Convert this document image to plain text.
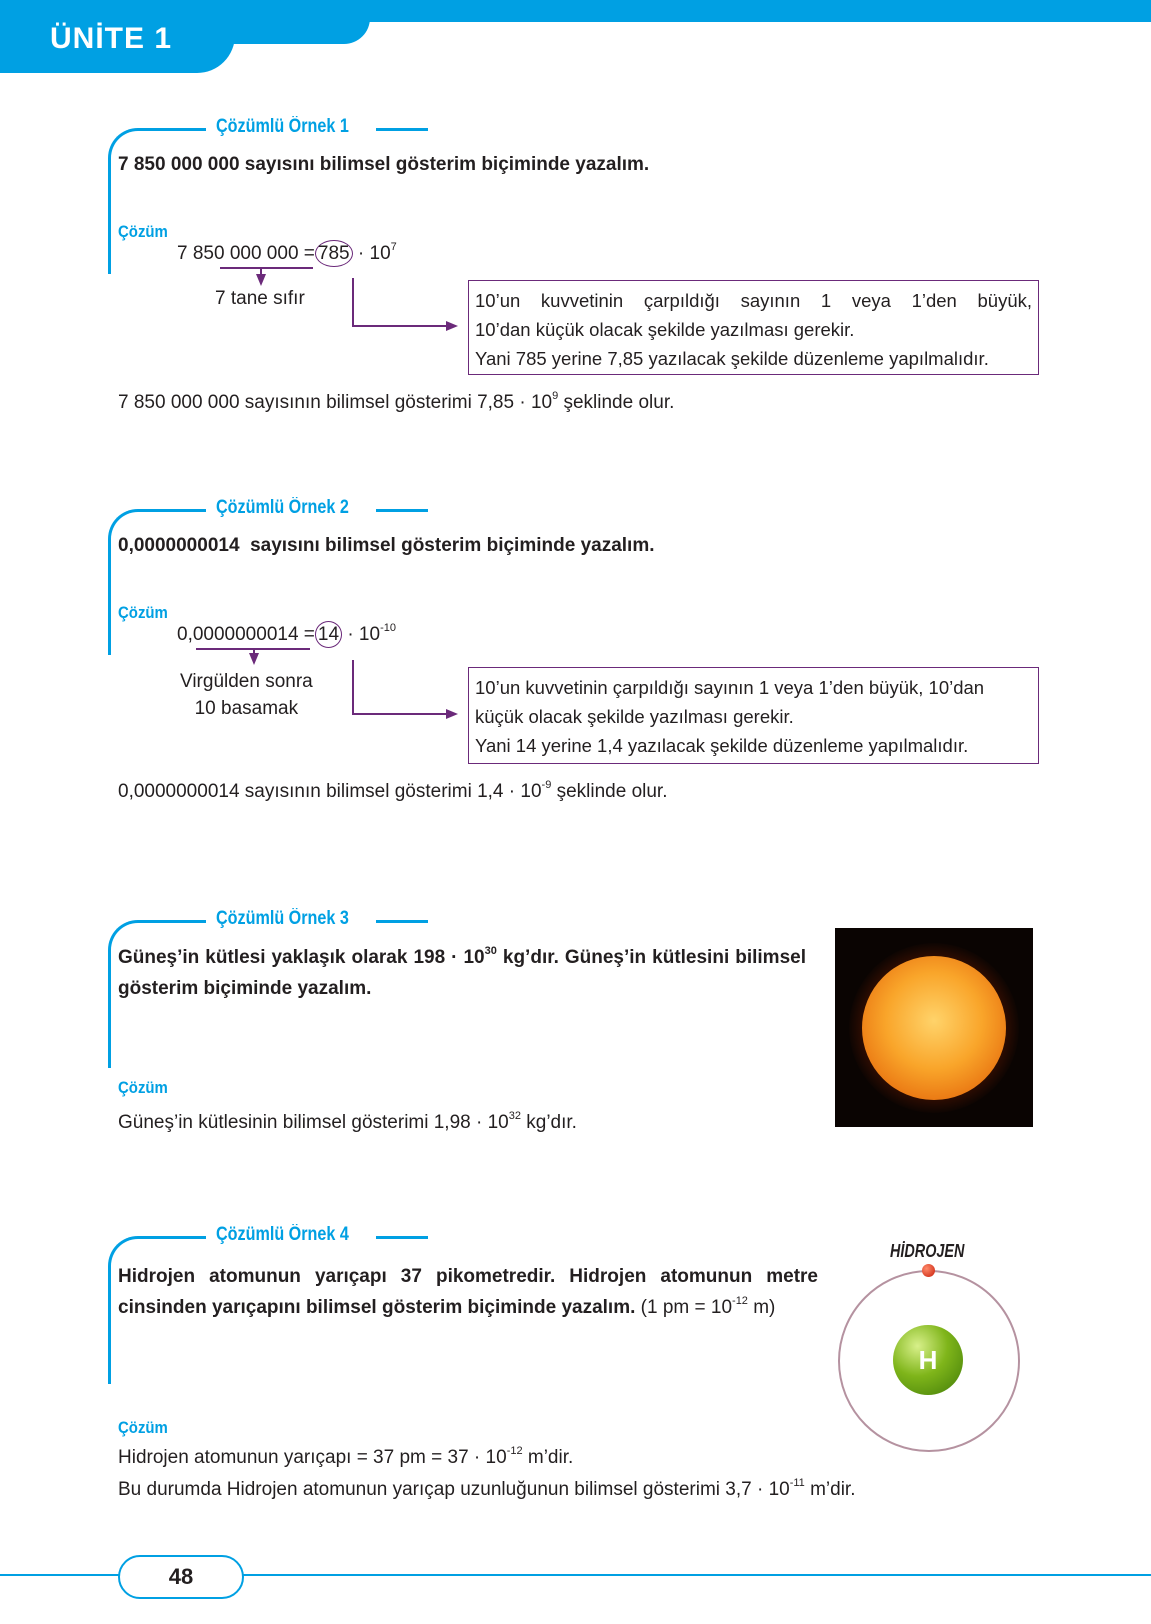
ÜNİTE 1
Çözümlü Örnek 1
7 850 000 000 sayısını bilimsel gösterim biçiminde yazalım.
Çözüm
7 850 000 $000 = 785 \cdot 10^7$
7 tane sıfır	10’un kuvvetinin çarpıldığı sayının 1 veya 1’den büyük,
10’dan küçük olacak şekilde yazılması gerekir.
Yani 785 yerine 7,85 yazılacak şekilde düzenleme yapılmalıdır.
7 850 000 000 sayısının bilimsel gösterimi $7,85 \cdot 10^9$ şeklinde olur.
Çözümlü Örnek 2
0,0000000014  sayısını bilimsel gösterim biçiminde yazalım.
Çözüm
$0,0000000014 = 14 \cdot 10^{-10}$
Virgülden sonra
10 basamak
10’un kuvvetinin çarpıldığı sayının 1 veya 1’den büyük, 10’dan
küçük olacak şekilde yazılması gerekir.
Yani 14 yerine 1,4 yazılacak şekilde düzenleme yapılmalıdır.
0,0000000014 sayısının bilimsel gösterimi $1,4 \cdot 10^{-9}$ şeklinde olur.
Çözümlü Örnek 3
Güneş’in kütlesi yaklaşık olarak $198 \cdot 10^{30}$ kg’dır. Güneş’in kütlesini bilimsel gösterim biçiminde yazalım.
Çözüm
Güneş’in kütlesinin bilimsel gösterimi $1,98 \cdot 10^{32}$ kg’dır.
Çözümlü Örnek 4
Hidrojen atomunun yarıçapı 37 pikometredir. Hidrojen atomunun metre cinsinden yarıçapını bilimsel gösterim biçiminde yazalım. (1 pm = $10^{-12}$ m)
Çözüm
Hidrojen atomunun yarıçapı = 37 pm = $37 \cdot 10^{-12}$ m’dir.
Bu durumda Hidrojen atomunun yarıçap uzunluğunun bilimsel gösterimi $3,7 \cdot 10^{-11}$ m’dir.
HİDROJEN
H
48
